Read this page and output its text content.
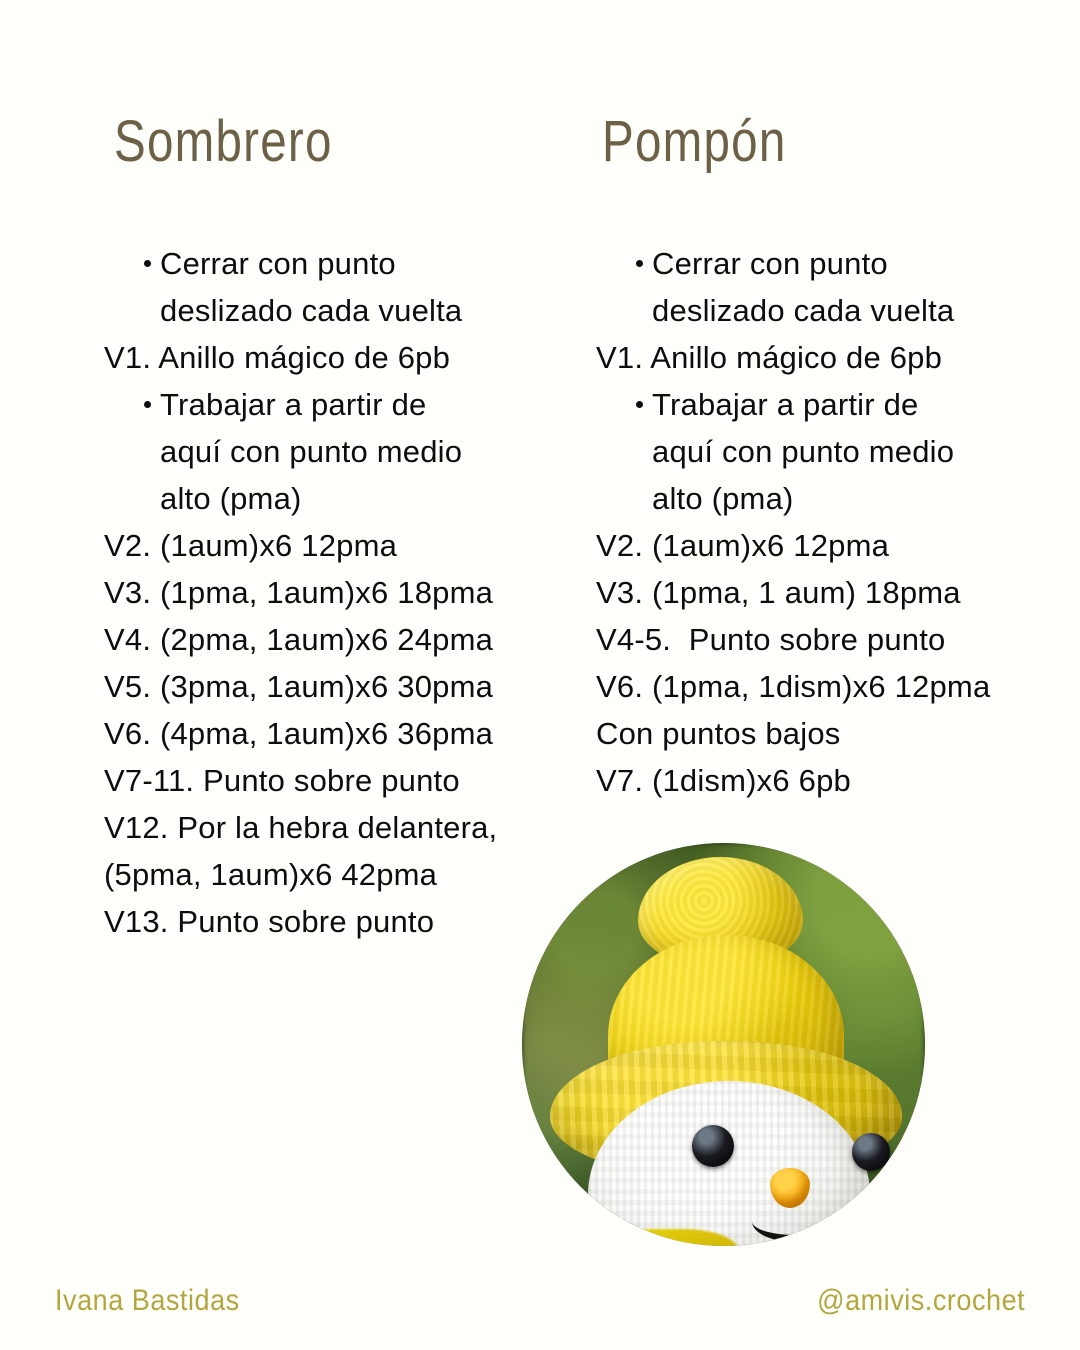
Sombrero	Pompón
Cerrar con punto
deslizado cada vuelta
V1. Anillo mágico de 6pb
Trabajar a partir de
aquí con punto medio
alto (pma)
V2. (1aum)x6 12pma
V3. (1pma, 1aum)x6 18pma
V4. (2pma, 1aum)x6 24pma
V5. (3pma, 1aum)x6 30pma
V6. (4pma, 1aum)x6 36pma
V7-11. Punto sobre punto
V12. Por la hebra delantera,
(5pma, 1aum)x6 42pma
V13. Punto sobre punto
Cerrar con punto
deslizado cada vuelta
V1. Anillo mágico de 6pb
Trabajar a partir de
aquí con punto medio
alto (pma)
V2. (1aum)x6 12pma
V3. (1pma, 1 aum) 18pma
V4-5.  Punto sobre punto
V6. (1pma, 1dism)x6 12pma
Con puntos bajos
V7. (1dism)x6 6pb
Ivana Bastidas	@amivis.crochet
